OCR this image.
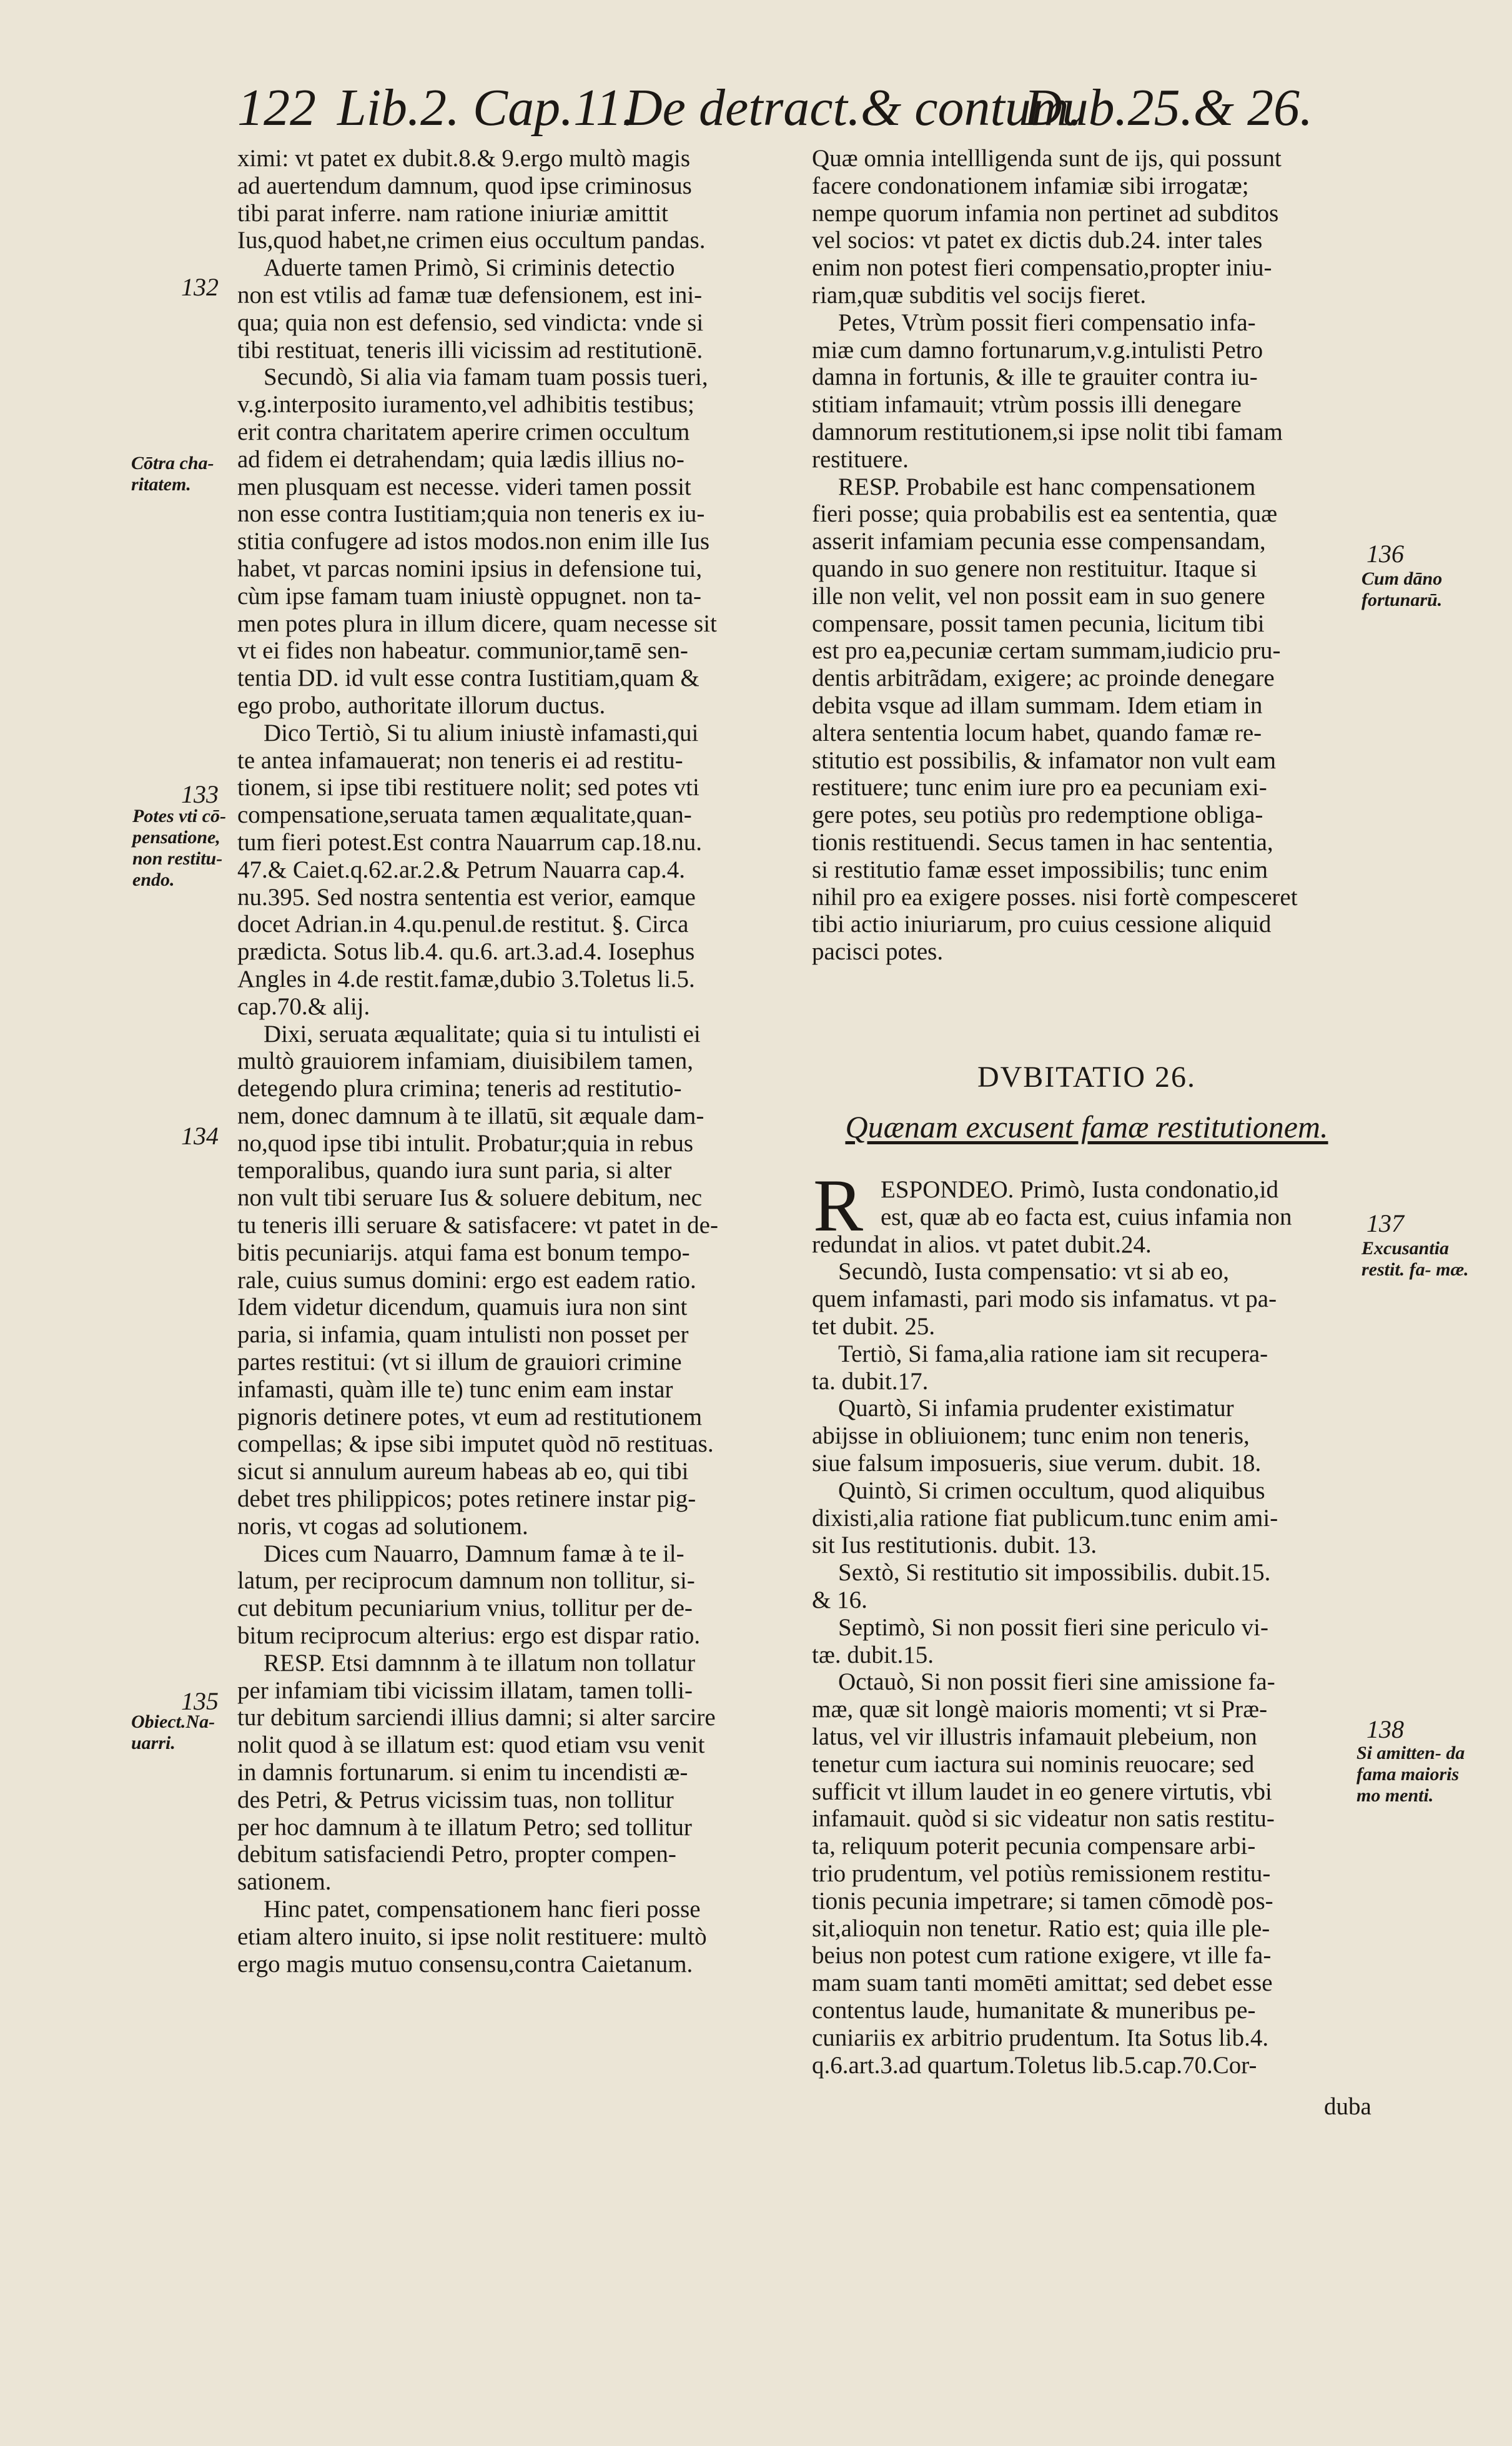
122 Lib.2. Cap.11.
De detract.& contum.
Dub.25.& 26.
ximi: vt patet ex dubit.8.& 9.ergo multò magis
ad auertendum damnum, quod ipse criminosus
tibi parat inferre. nam ratione iniuriæ amittit
Ius,quod habet,ne crimen eius occultum pandas.
Aduerte tamen Primò, Si criminis detectio
non est vtilis ad famæ tuæ defensionem, est ini-
qua; quia non est defensio, sed vindicta: vnde si
tibi restituat, teneris illi vicissim ad restitutionē.
Secundò, Si alia via famam tuam possis tueri,
v.g.interposito iuramento,vel adhibitis testibus;
erit contra charitatem aperire crimen occultum
ad fidem ei detrahendam; quia lædis illius no-
men plusquam est necesse. videri tamen possit
non esse contra Iustitiam;quia non teneris ex iu-
stitia confugere ad istos modos.non enim ille Ius
habet, vt parcas nomini ipsius in defensione tui,
cùm ipse famam tuam iniustè oppugnet. non ta-
men potes plura in illum dicere, quam necesse sit
vt ei fides non habeatur. communior,tamē sen-
tentia DD. id vult esse contra Iustitiam,quam &
ego probo, authoritate illorum ductus.
Dico Tertiò, Si tu alium iniustè infamasti,qui
te antea infamauerat; non teneris ei ad restitu-
tionem, si ipse tibi restituere nolit; sed potes vti
compensatione,seruata tamen æqualitate,quan-
tum fieri potest.Est contra Nauarrum cap.18.nu.
47.& Caiet.q.62.ar.2.& Petrum Nauarra cap.4.
nu.395. Sed nostra sententia est verior, eamque
docet Adrian.in 4.qu.penul.de restitut. §. Circa
prædicta. Sotus lib.4. qu.6. art.3.ad.4. Iosephus
Angles in 4.de restit.famæ,dubio 3.Toletus li.5.
cap.70.& alij.
Dixi, seruata æqualitate; quia si tu intulisti ei
multò grauiorem infamiam, diuisibilem tamen,
detegendo plura crimina; teneris ad restitutio-
nem, donec damnum à te illatū, sit æquale dam-
no,quod ipse tibi intulit. Probatur;quia in rebus
temporalibus, quando iura sunt paria, si alter
non vult tibi seruare Ius & soluere debitum, nec
tu teneris illi seruare & satisfacere: vt patet in de-
bitis pecuniarijs. atqui fama est bonum tempo-
rale, cuius sumus domini: ergo est eadem ratio.
Idem videtur dicendum, quamuis iura non sint
paria, si infamia, quam intulisti non posset per
partes restitui: (vt si illum de grauiori crimine
infamasti, quàm ille te) tunc enim eam instar
pignoris detinere potes, vt eum ad restitutionem
compellas; & ipse sibi imputet quòd nō restituas.
sicut si annulum aureum habeas ab eo, qui tibi
debet tres philippicos; potes retinere instar pig-
noris, vt cogas ad solutionem.
Dices cum Nauarro, Damnum famæ à te il-
latum, per reciprocum damnum non tollitur, si-
cut debitum pecuniarium vnius, tollitur per de-
bitum reciprocum alterius: ergo est dispar ratio.
RESP. Etsi damnnm à te illatum non tollatur
per infamiam tibi vicissim illatam, tamen tolli-
tur debitum sarciendi illius damni; si alter sarcire
nolit quod à se illatum est: quod etiam vsu venit
in damnis fortunarum. si enim tu incendisti æ-
des Petri, & Petrus vicissim tuas, non tollitur
per hoc damnum à te illatum Petro; sed tollitur
debitum satisfaciendi Petro, propter compen-
sationem.
Hinc patet, compensationem hanc fieri posse
etiam altero inuito, si ipse nolit restituere: multò
ergo magis mutuo consensu,contra Caietanum.
Quæ omnia intellligenda sunt de ijs, qui possunt
facere condonationem infamiæ sibi irrogatæ;
nempe quorum infamia non pertinet ad subditos
vel socios: vt patet ex dictis dub.24. inter tales
enim non potest fieri compensatio,propter iniu-
riam,quæ subditis vel socijs fieret.
Petes, Vtrùm possit fieri compensatio infa-
miæ cum damno fortunarum,v.g.intulisti Petro
damna in fortunis, & ille te grauiter contra iu-
stitiam infamauit; vtrùm possis illi denegare
damnorum restitutionem,si ipse nolit tibi famam
restituere.
RESP. Probabile est hanc compensationem
fieri posse; quia probabilis est ea sententia, quæ
asserit infamiam pecunia esse compensandam,
quando in suo genere non restituitur. Itaque si
ille non velit, vel non possit eam in suo genere
compensare, possit tamen pecunia, licitum tibi
est pro ea,pecuniæ certam summam,iudicio pru-
dentis arbitrãdam, exigere; ac proinde denegare
debita vsque ad illam summam. Idem etiam in
altera sententia locum habet, quando famæ re-
stitutio est possibilis, & infamator non vult eam
restituere; tunc enim iure pro ea pecuniam exi-
gere potes, seu potiùs pro redemptione obliga-
tionis restituendi. Secus tamen in hac sententia,
si restitutio famæ esset impossibilis; tunc enim
nihil pro ea exigere posses. nisi fortè compesceret
tibi actio iniuriarum, pro cuius cessione aliquid
pacisci potes.
DVBITATIO 26.
Quænam excusent famæ restitutionem.
R ESPONDEO. Primò, Iusta condonatio,id
est, quæ ab eo facta est, cuius infamia non
redundat in alios. vt patet dubit.24.
Secundò, Iusta compensatio: vt si ab eo,
quem infamasti, pari modo sis infamatus. vt pa-
tet dubit. 25.
Tertiò, Si fama,alia ratione iam sit recupera-
ta. dubit.17.
Quartò, Si infamia prudenter existimatur
abijsse in obliuionem; tunc enim non teneris,
siue falsum imposueris, siue verum. dubit. 18.
Quintò, Si crimen occultum, quod aliquibus
dixisti,alia ratione fiat publicum.tunc enim ami-
sit Ius restitutionis. dubit. 13.
Sextò, Si restitutio sit impossibilis. dubit.15.
& 16.
Septimò, Si non possit fieri sine periculo vi-
tæ. dubit.15.
Octauò, Si non possit fieri sine amissione fa-
mæ, quæ sit longè maioris momenti; vt si Præ-
latus, vel vir illustris infamauit plebeium, non
tenetur cum iactura sui nominis reuocare; sed
sufficit vt illum laudet in eo genere virtutis, vbi
infamauit. quòd si sic videatur non satis restitu-
ta, reliquum poterit pecunia compensare arbi-
trio prudentum, vel potiùs remissionem restitu-
tionis pecunia impetrare; si tamen cōmodè pos-
sit,alioquin non tenetur. Ratio est; quia ille ple-
beius non potest cum ratione exigere, vt ille fa-
mam suam tanti momēti amittat; sed debet esse
contentus laude, humanitate & muneribus pe-
cuniariis ex arbitrio prudentum. Ita Sotus lib.4.
q.6.art.3.ad quartum.Toletus lib.5.cap.70.Cor-
duba
132
133
134
135
136
137
138
Cōtra cha- ritatem.
Potes vti cō- pensatione, non restitu- endo.
Obiect.Na- uarri.
Cum dāno fortunarū.
Excusantia restit. fa- mæ.
Si amitten- da fama maioris mo menti.
